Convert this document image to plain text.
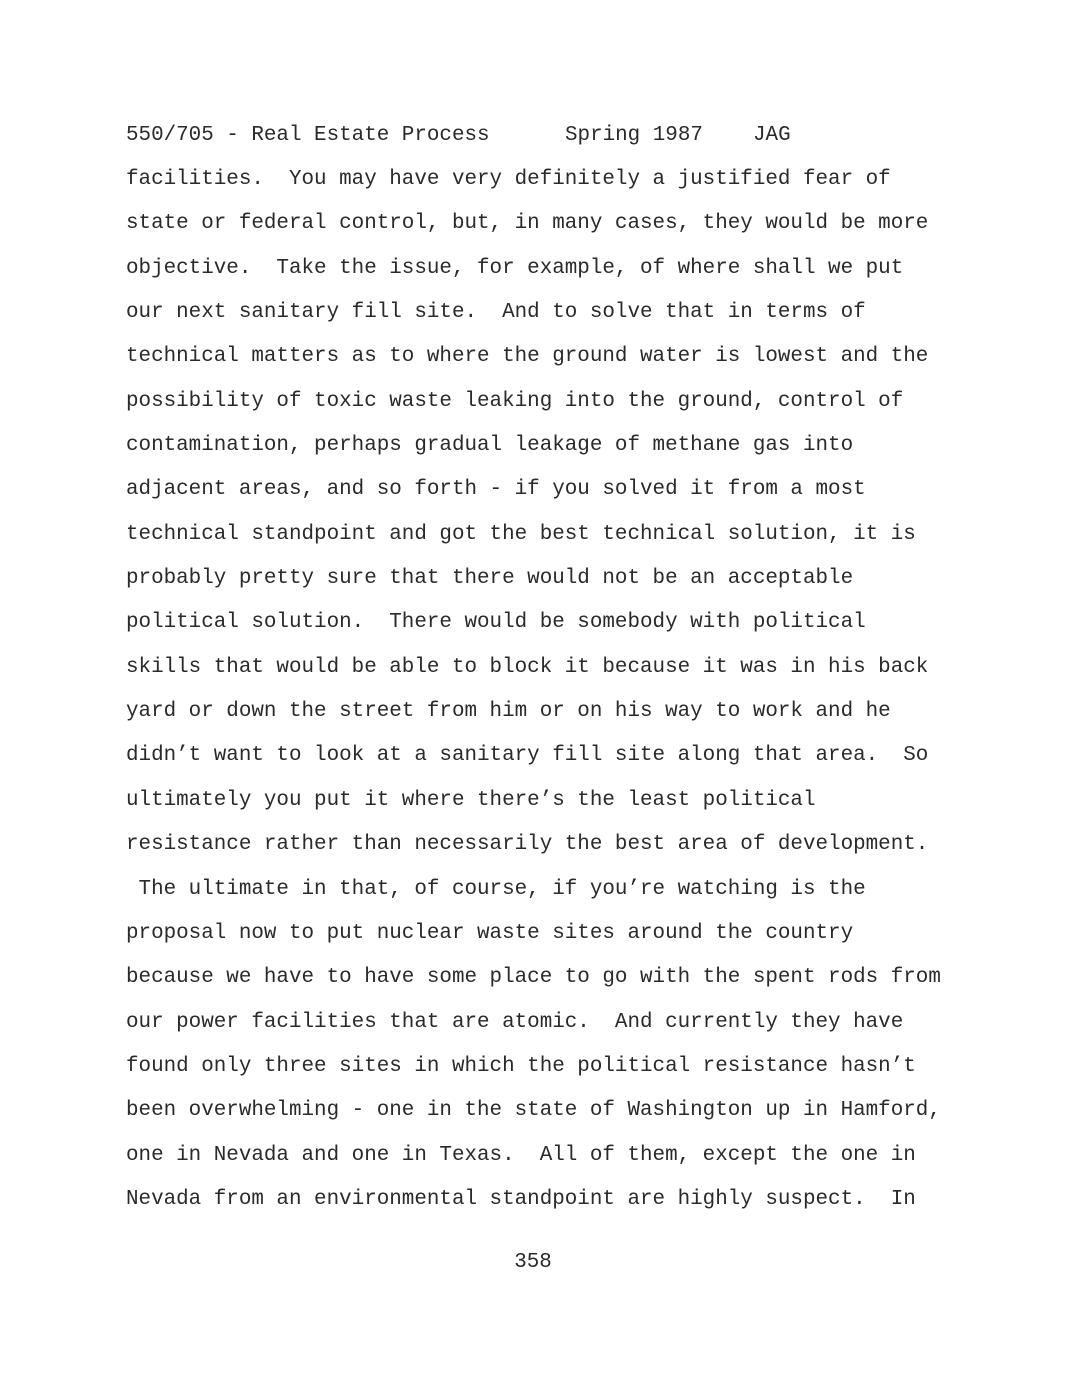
550/705 - Real Estate Process

	Spring 1987

JAG

facilities.  You may have very definitely a justified fear of
state or federal control, but, in many cases, they would be more
objective.  Take the issue, for example, of where shall we put
our next sanitary fill site.  And to solve that in terms of
technical matters as to where the ground water is lowest and the
possibility of toxic waste leaking into the ground, control of
contamination, perhaps gradual leakage of methane gas into
adjacent areas, and so forth - if you solved it from a most
technical standpoint and got the best technical solution, it is
probably pretty sure that there would not be an acceptable
political solution.  There would be somebody with political
skills that would be able to block it because it was in his back
yard or down the street from him or on his way to work and he
didn’t want to look at a sanitary fill site along that area.  So
ultimately you put it where there’s the least political
resistance rather than necessarily the best area of development.
The ultimate in that, of course, if you’re watching is the
proposal now to put nuclear waste sites around the country
because we have to have some place to go with the spent rods from
our power facilities that are atomic.  And currently they have
found only three sites in which the political resistance hasn’t
been overwhelming - one in the state of Washington up in Hamford,
one in Nevada and one in Texas.  All of them, except the one in
Nevada from an environmental standpoint are highly suspect.  In
358
